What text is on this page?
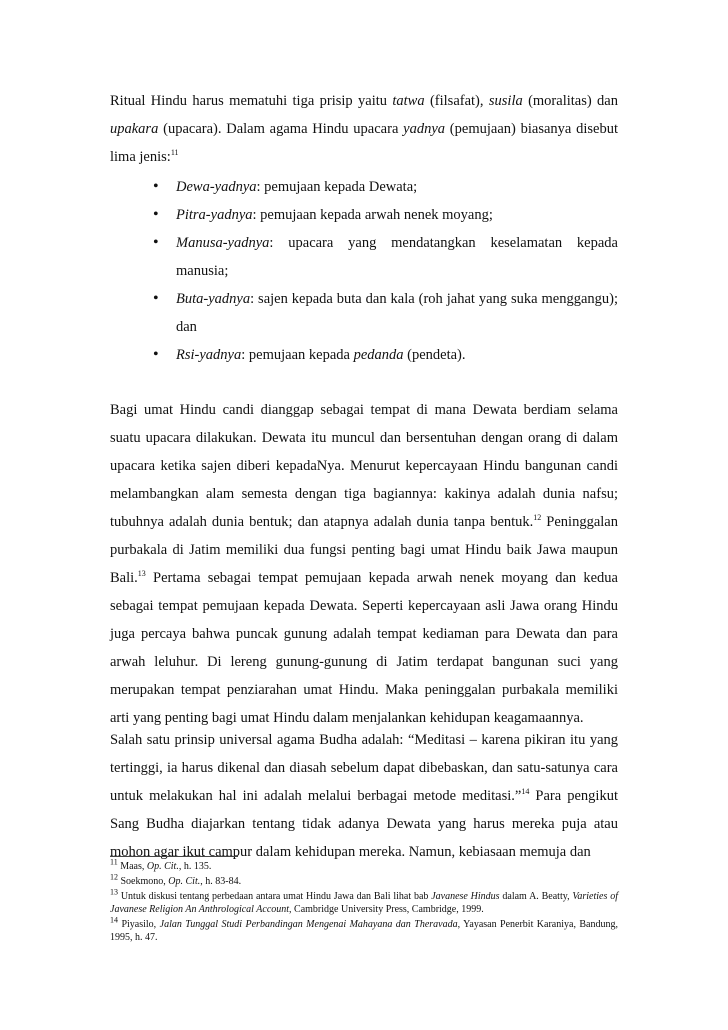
Ritual Hindu harus mematuhi tiga prisip yaitu tatwa (filsafat), susila (moralitas) dan upakara (upacara). Dalam agama Hindu upacara yadnya (pemujaan) biasanya disebut lima jenis:$^{11}$

• Dewa-yadnya: pemujaan kepada Dewata;
• Pitra-yadnya: pemujaan kepada arwah nenek moyang;
• Manusa-yadnya: upacara yang mendatangkan keselamatan kepada manusia;
• Buta-yadnya: sajen kepada buta dan kala (roh jahat yang suka menggangu); dan
• Rsi-yadnya: pemujaan kepada pedanda (pendeta).

Bagi umat Hindu candi dianggap sebagai tempat di mana Dewata berdiam selama suatu upacara dilakukan. Dewata itu muncul dan bersentuhan dengan orang di dalam upacara ketika sajen diberi kepadaNya. Menurut kepercayaan Hindu bangunan candi melambangkan alam semesta dengan tiga bagiannya: kakinya adalah dunia nafsu; tubuhnya adalah dunia bentuk; dan atapnya adalah dunia tanpa bentuk.$^{12}$ Peninggalan purbakala di Jatim memiliki dua fungsi penting bagi umat Hindu baik Jawa maupun Bali.$^{13}$ Pertama sebagai tempat pemujaan kepada arwah nenek moyang dan kedua sebagai tempat pemujaan kepada Dewata. Seperti kepercayaan asli Jawa orang Hindu juga percaya bahwa puncak gunung adalah tempat kediaman para Dewata dan para arwah leluhur. Di lereng gunung-gunung di Jatim terdapat bangunan suci yang merupakan tempat penziarahan umat Hindu. Maka peninggalan purbakala memiliki arti yang penting bagi umat Hindu dalam menjalankan kehidupan keagamaannya.

Salah satu prinsip universal agama Budha adalah: “Meditasi – karena pikiran itu yang tertinggi, ia harus dikenal dan diasah sebelum dapat dibebaskan, dan satu-satunya cara untuk melakukan hal ini adalah melalui berbagai metode meditasi.”$^{14}$ Para pengikut Sang Budha diajarkan tentang tidak adanya Dewata yang harus mereka puja atau mohon agar ikut campur dalam kehidupan mereka. Namun, kebiasaan memuja dan

$^{11}$ Maas, Op. Cit., h. 135.

$^{12}$ Soekmono, Op. Cit., h. 83-84.

$^{13}$ Untuk diskusi tentang perbedaan antara umat Hindu Jawa dan Bali lihat bab Javanese Hindus dalam A. Beatty, Varieties of Javanese Religion An Anthrological Account, Cambridge University Press, Cambridge, 1999.

$^{14}$ Piyasilo, Jalan Tunggal Studi Perbandingan Mengenai Mahayana dan Theravada, Yayasan Penerbit Karaniya, Bandung, 1995, h. 47.
